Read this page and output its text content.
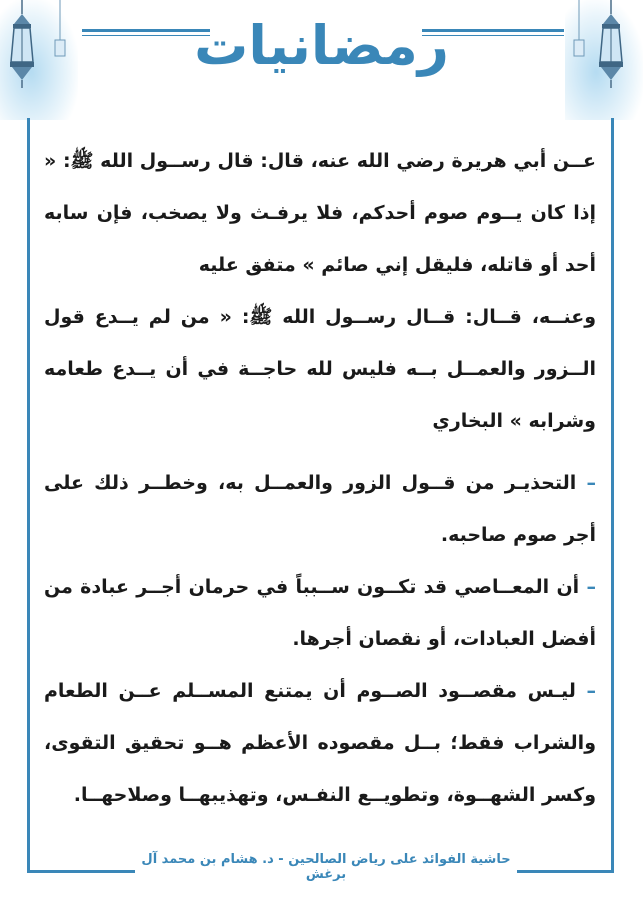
رمضانيات

عــن أبي هريرة رضي الله عنه، قال: قال رســول الله ﷺ: « إذا كان يــوم صوم أحدكم، فلا يرفـث ولا يصخب، فإن سابه أحد أو قاتله، فليقل إني صائم » متفق عليه

وعنــه، قــال: قــال رســول الله ﷺ: « من لم يــدع قول الــزور والعمــل بــه فليس لله حاجــة في أن يــدع طعامه وشرابه » البخاري

– التحذيـر من قــول الزور والعمــل به، وخطــر ذلك على أجر صوم صاحبه.

– أن المعــاصي قد تكــون ســبباً في حرمان أجــر عبادة من أفضل العبادات، أو نقصان أجرها.

– ليـس مقصــود الصــوم أن يمتنع المســلم عــن الطعام والشراب فقط؛ بــل مقصوده الأعظم هــو تحقيق التقوى، وكسر الشهــوة، وتطويــع النفـس، وتهذيبهــا وصلاحهــا.

حاشية الفوائد على رياض الصالحين - د. هشام بن محمد آل برغش
